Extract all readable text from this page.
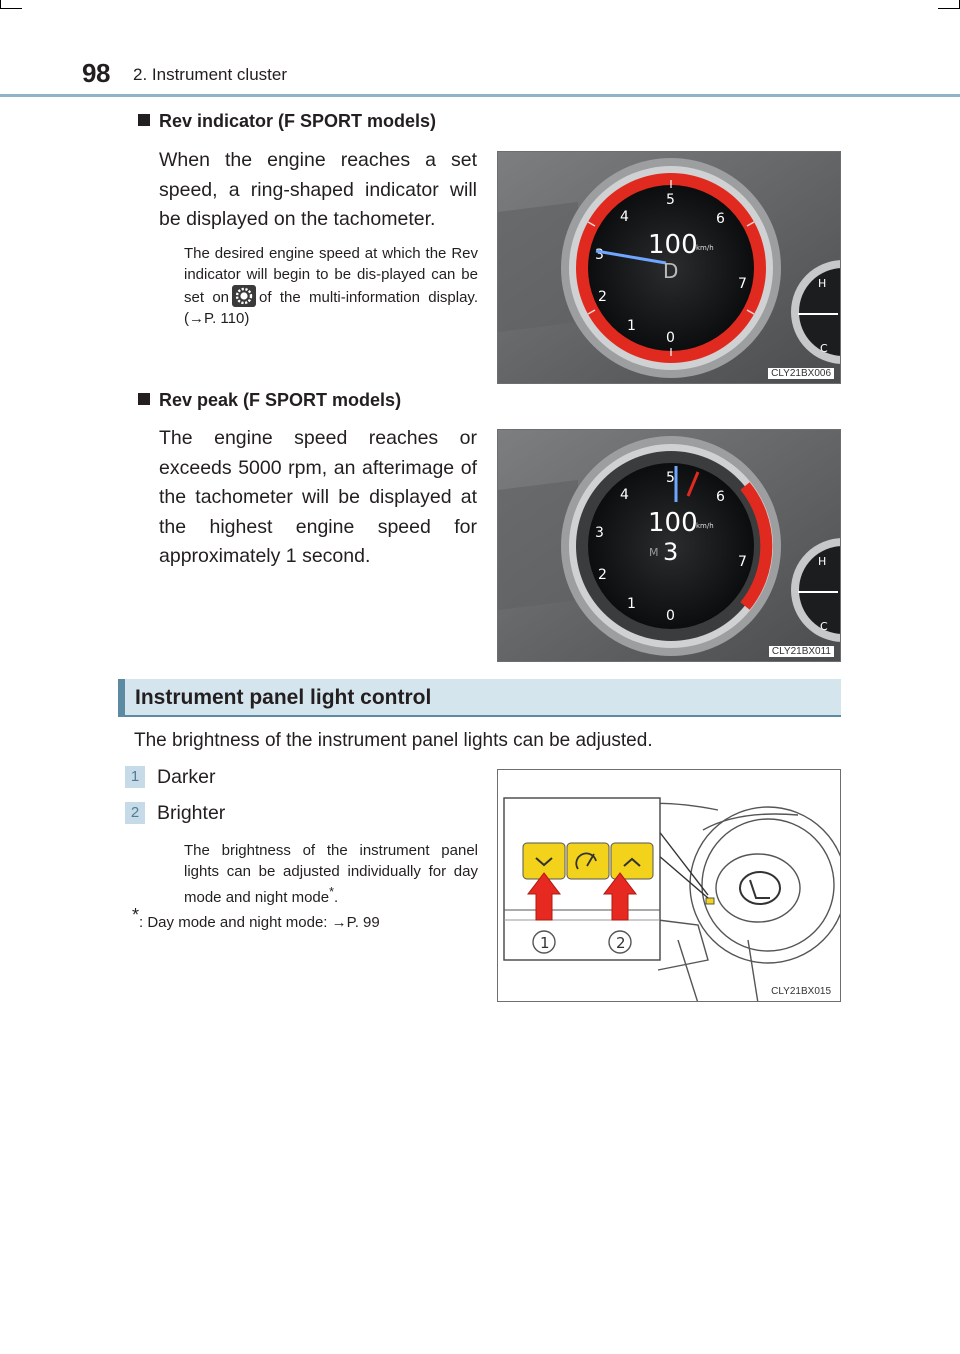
98 2. Instrument cluster
Rev indicator (F SPORT models)

When the engine reaches a set speed, a ring-shaped indicator will be displayed on the tachometer.

The desired engine speed at which the Rev indicator will begin to be dis-played can be set on of the multi-information display. (→P. 110)

0
1
2
3
4
5
6
7
100
km/h
D
H
C
CLY21BX006
Rev peak (F SPORT models)

The engine speed reaches or exceeds 5000 rpm, an afterimage of the tachometer will be displayed at the highest engine speed for approximately 1 second.

0
1
2
3
4
5
6
7
100
km/h
M 3	H
C
CLY21BX011
Instrument panel light control

The brightness of the instrument panel lights can be adjusted.

1 Darker
2 Brighter

The brightness of the instrument panel lights can be adjusted individually for day mode and night mode*.

*: Day mode and night mode: →P. 99

1	2
CLY21BX015
